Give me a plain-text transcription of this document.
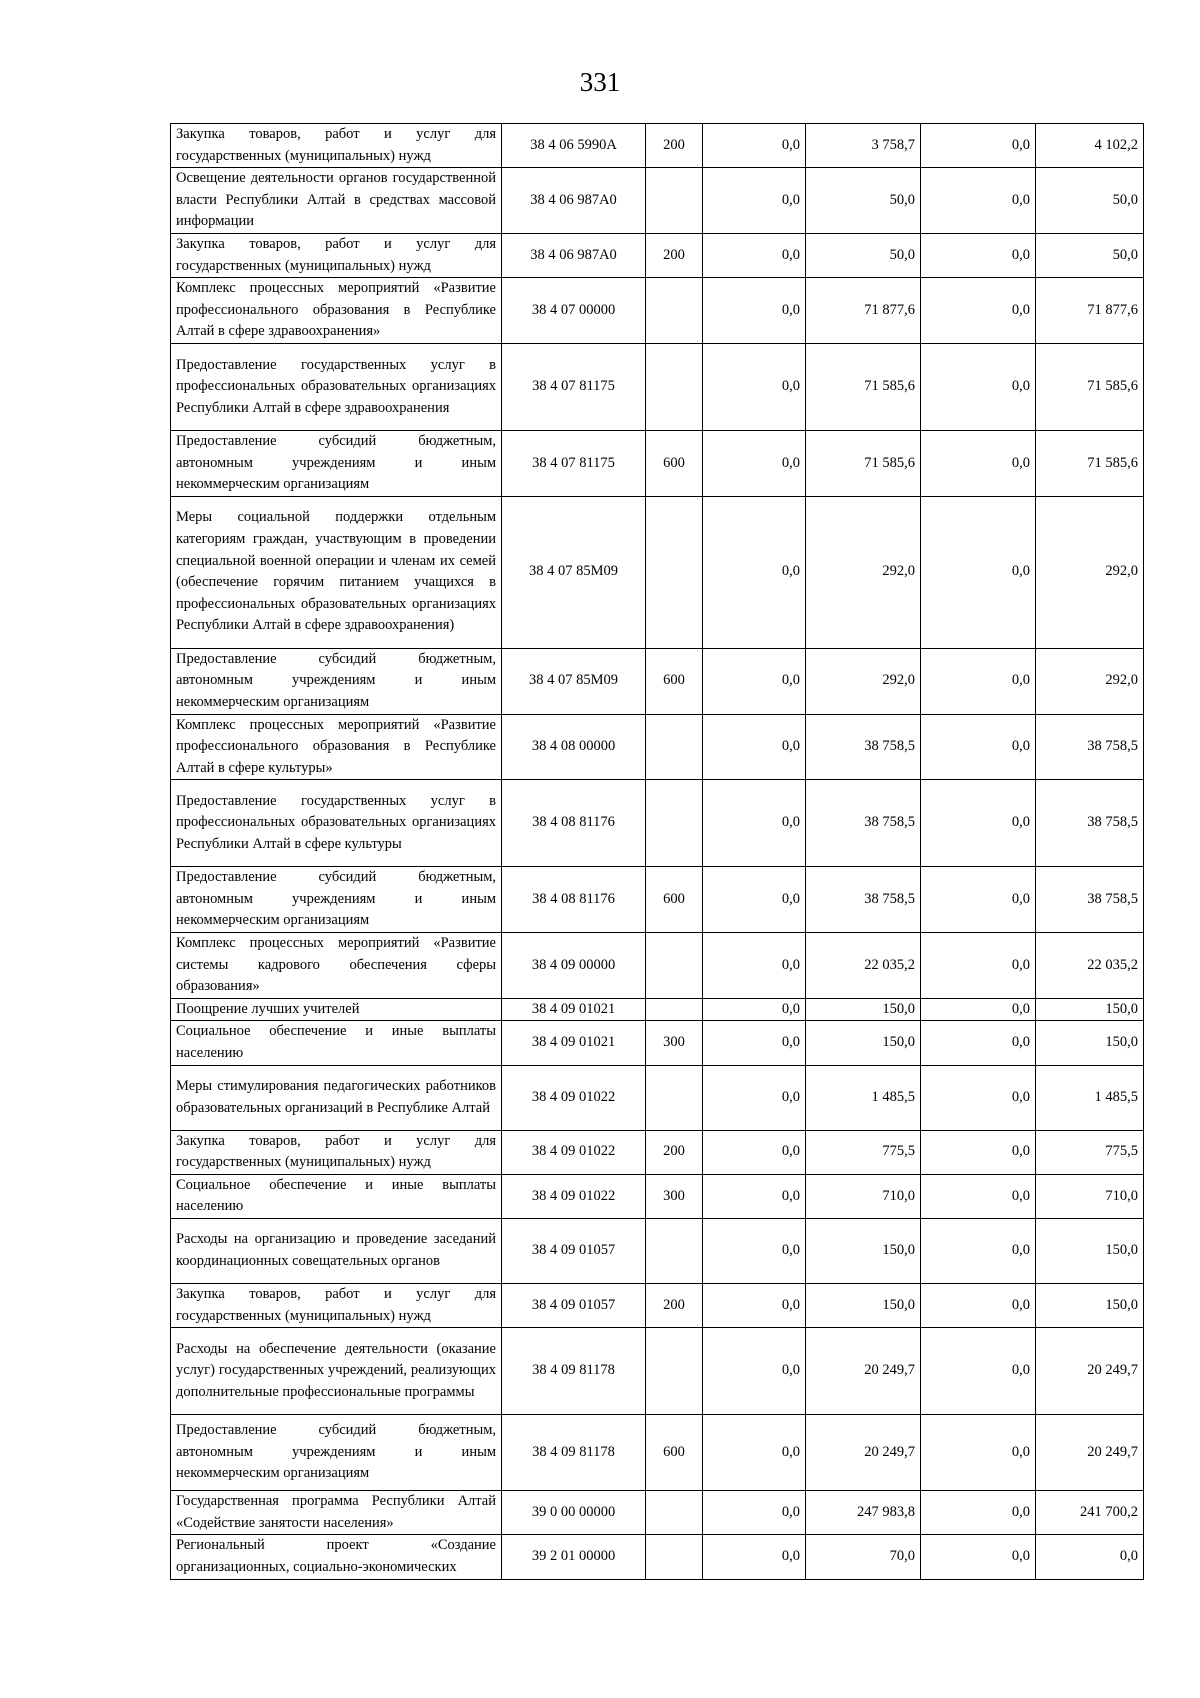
331
Закупка товаров, работ и услуг для государственных (муниципальных) нужд	38 4 06 5990A	200	0,0	3 758,7	0,0	4 102,2
Освещение деятельности органов государственной власти Республики Алтай в средствах массовой информации	38 4 06 987A0		0,0	50,0	0,0	50,0
Закупка товаров, работ и услуг для государственных (муниципальных) нужд	38 4 06 987A0	200	0,0	50,0	0,0	50,0
Комплекс процессных мероприятий «Развитие профессионального образования в Республике Алтай в сфере здравоохранения»	38 4 07 00000		0,0	71 877,6	0,0	71 877,6
Предоставление государственных услуг в профессиональных образовательных организациях Республики Алтай в сфере здравоохранения	38 4 07 81175		0,0	71 585,6	0,0	71 585,6
Предоставление субсидий бюджетным, автономным учреждениям и иным некоммерческим организациям	38 4 07 81175	600	0,0	71 585,6	0,0	71 585,6
Меры социальной поддержки отдельным категориям граждан, участвующим в проведении специальной военной операции и членам их семей (обеспечение горячим питанием учащихся в профессиональных образовательных организациях Республики Алтай в сфере здравоохранения)	38 4 07 85M09		0,0	292,0	0,0	292,0
Предоставление субсидий бюджетным, автономным учреждениям и иным некоммерческим организациям	38 4 07 85M09	600	0,0	292,0	0,0	292,0
Комплекс процессных мероприятий «Развитие профессионального образования в Республике Алтай в сфере культуры»	38 4 08 00000		0,0	38 758,5	0,0	38 758,5
Предоставление государственных услуг в профессиональных образовательных организациях Республики Алтай в сфере культуры	38 4 08 81176		0,0	38 758,5	0,0	38 758,5
Предоставление субсидий бюджетным, автономным учреждениям и иным некоммерческим организациям	38 4 08 81176	600	0,0	38 758,5	0,0	38 758,5
Комплекс процессных мероприятий «Развитие системы кадрового обеспечения сферы образования»	38 4 09 00000		0,0	22 035,2	0,0	22 035,2
Поощрение лучших учителей	38 4 09 01021		0,0	150,0	0,0	150,0
Социальное обеспечение и иные выплаты населению	38 4 09 01021	300	0,0	150,0	0,0	150,0
Меры стимулирования педагогических работников образовательных организаций в Республике Алтай	38 4 09 01022		0,0	1 485,5	0,0	1 485,5
Закупка товаров, работ и услуг для государственных (муниципальных) нужд	38 4 09 01022	200	0,0	775,5	0,0	775,5
Социальное обеспечение и иные выплаты населению	38 4 09 01022	300	0,0	710,0	0,0	710,0
Расходы на организацию и проведение заседаний координационных совещательных органов	38 4 09 01057		0,0	150,0	0,0	150,0
Закупка товаров, работ и услуг для государственных (муниципальных) нужд	38 4 09 01057	200	0,0	150,0	0,0	150,0
Расходы на обеспечение деятельности (оказание услуг) государственных учреждений, реализующих дополнительные профессиональные программы	38 4 09 81178		0,0	20 249,7	0,0	20 249,7
Предоставление субсидий бюджетным, автономным учреждениям и иным некоммерческим организациям	38 4 09 81178	600	0,0	20 249,7	0,0	20 249,7
Государственная программа Республики Алтай «Содействие занятости населения»	39 0 00 00000		0,0	247 983,8	0,0	241 700,2
Региональный проект «Создание организационных, социально-экономических	39 2 01 00000		0,0	70,0	0,0	0,0
